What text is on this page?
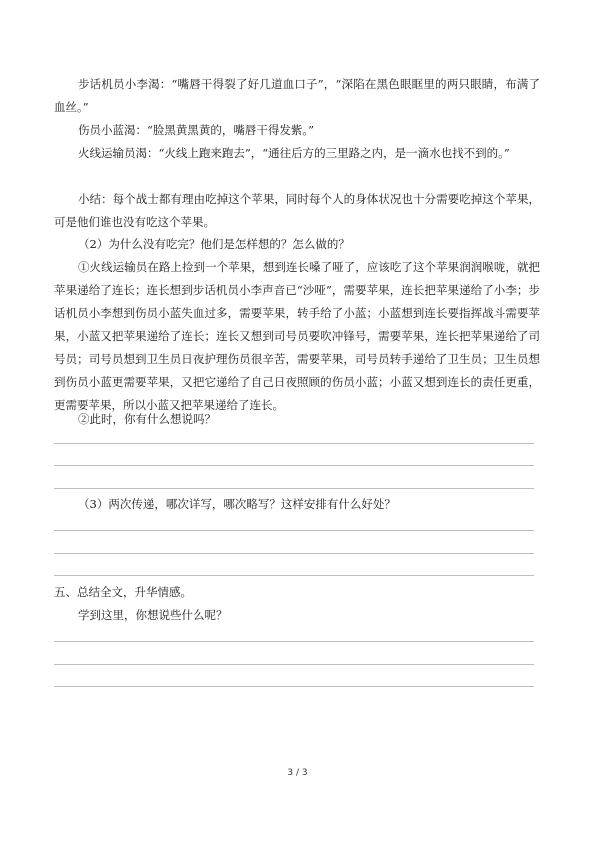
步话机员小李渴：“嘴唇干得裂了好几道血口子”，“深陷在黑色眼眶里的两只眼睛，布满了血丝。”

伤员小蓝渴：“脸黑黄黑黄的，嘴唇干得发紫。”

火线运输员渴：“火线上跑来跑去”，“通往后方的三里路之内，是一滴水也找不到的。”

小结：每个战士都有理由吃掉这个苹果，同时每个人的身体状况也十分需要吃掉这个苹果，可是他们谁也没有吃这个苹果。

（2）为什么没有吃完？他们是怎样想的？怎么做的？

①火线运输员在路上捡到一个苹果，想到连长嗓了哑了，应该吃了这个苹果润润喉咙，就把苹果递给了连长；连长想到步话机员小李声音已“沙哑”，需要苹果，连长把苹果递给了小李；步话机员小李想到伤员小蓝失血过多，需要苹果，转手给了小蓝；小蓝想到连长要指挥战斗需要苹果，小蓝又把苹果递给了连长；连长又想到司号员要吹冲锋号，需要苹果，连长把苹果递给了司号员；司号员想到卫生员日夜护理伤员很辛苦，需要苹果，司号员转手递给了卫生员；卫生员想到伤员小蓝更需要苹果，又把它递给了自己日夜照顾的伤员小蓝；小蓝又想到连长的责任更重，更需要苹果，所以小蓝又把苹果递给了连长。

②此时，你有什么想说吗？

（3）两次传递，哪次详写，哪次略写？这样安排有什么好处？

五、总结全文，升华情感。

学到这里，你想说些什么呢？

3 / 3
